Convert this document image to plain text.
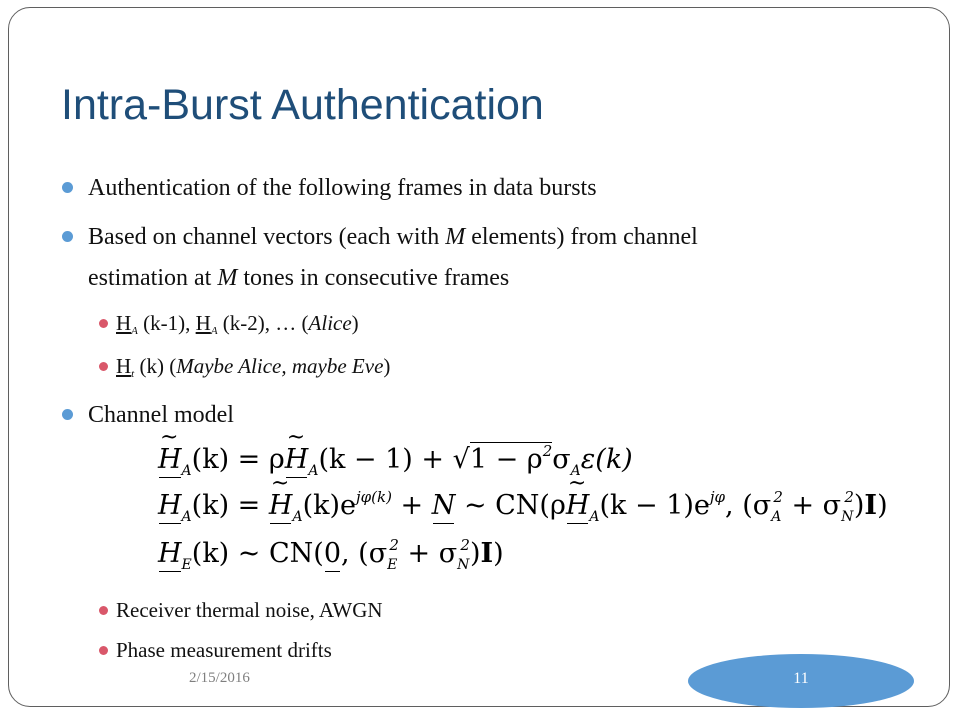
Intra-Burst Authentication
Authentication of the following frames in data bursts
Based on channel vectors (each with M elements) from channel
estimation at M tones in consecutive frames
HA (k-1), HA (k-2), … (Alice)
Ht (k) (Maybe Alice, maybe Eve)
Channel model
~ $H_A(k)$ = ρ~ $H_A(k - 1) + √1 - \rho^2\sigma_A\varepsilon(k)$
$H_A(k)$ = ~ $H_A(k)e^{j\varphi(k)} + N$ ~ CN(ρ~ $H_A(k - 1)e^{j\varphi}$, $(\sigma_A^2 + \sigma_N^2)I$)
$H_E(k)$ ~ CN(0, $(\sigma_E^2 + \sigma_N^2)I$)
Receiver thermal noise, AWGN
Phase measurement drifts
2/15/2016	11
